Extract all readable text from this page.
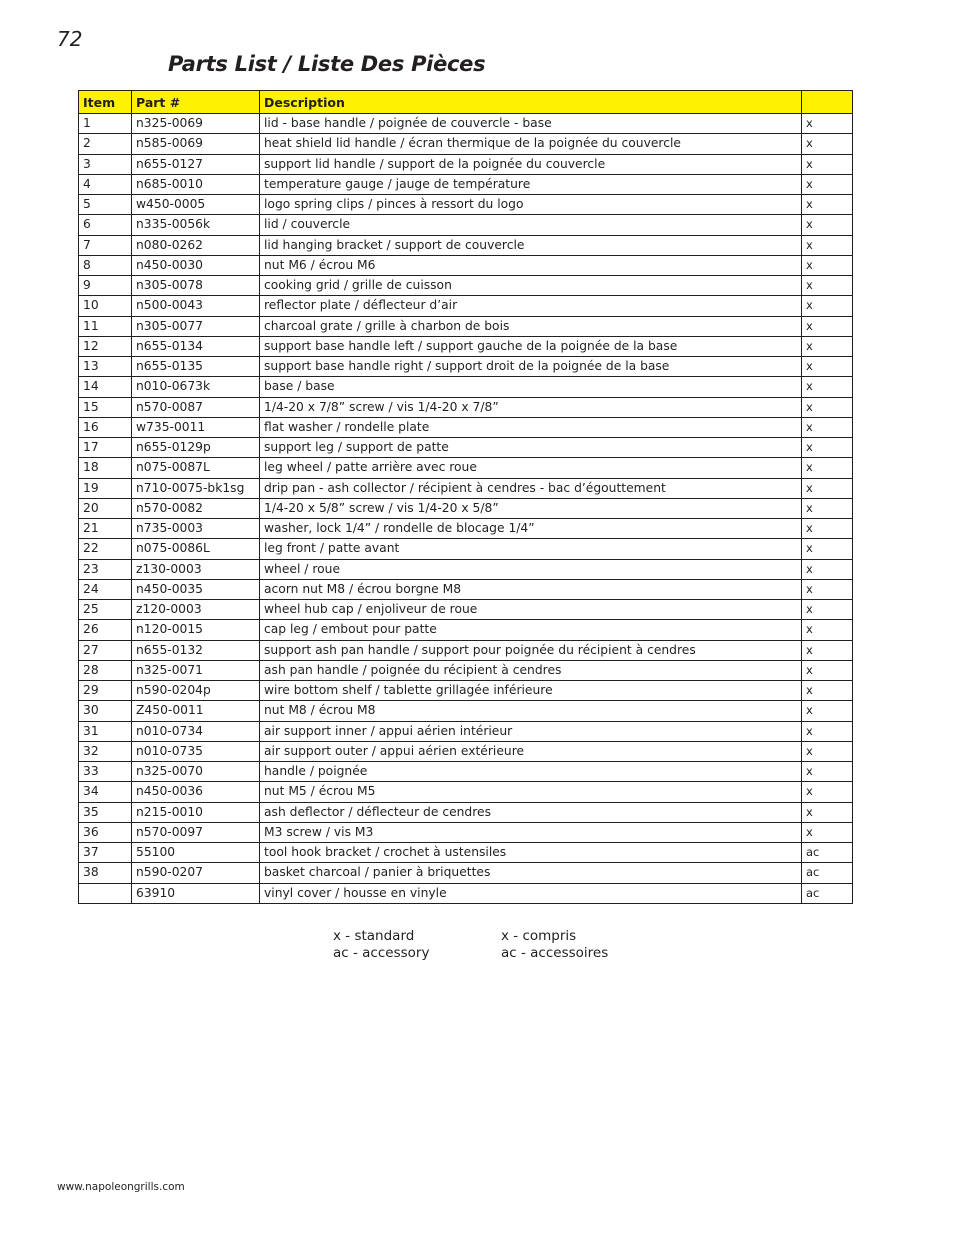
72
Parts List / Liste Des Pièces
Item	Part #	Description	
1	n325-0069	lid - base handle / poignée de couvercle - base	x
2	n585-0069	heat shield lid handle / écran thermique de la poignée du couvercle	x
3	n655-0127	support lid handle / support de la poignée du couvercle	x
4	n685-0010	temperature gauge / jauge de température	x
5	w450-0005	logo spring clips / pinces à ressort du logo	x
6	n335-0056k	lid / couvercle	x
7	n080-0262	lid hanging bracket / support de couvercle	x
8	n450-0030	nut M6 / écrou M6	x
9	n305-0078	cooking grid / grille de cuisson	x
10	n500-0043	reflector plate / déflecteur d’air	x
11	n305-0077	charcoal grate / grille à charbon de bois	x
12	n655-0134	support base handle left / support gauche de la poignée de la base	x
13	n655-0135	support base handle right / support droit de la poignée de la base	x
14	n010-0673k	base / base	x
15	n570-0087	1/4-20 x 7/8” screw / vis 1/4-20 x 7/8”	x
16	w735-0011	flat washer / rondelle plate	x
17	n655-0129p	support leg / support de patte	x
18	n075-0087L	leg wheel / patte arrière avec roue	x
19	n710-0075-bk1sg	drip pan - ash collector / récipient à cendres - bac d’égouttement	x
20	n570-0082	1/4-20 x 5/8” screw / vis 1/4-20 x 5/8”	x
21	n735-0003	washer, lock 1/4” / rondelle de blocage 1/4”	x
22	n075-0086L	leg front / patte avant	x
23	z130-0003	wheel / roue	x
24	n450-0035	acorn nut M8 / écrou borgne M8	x
25	z120-0003	wheel hub cap / enjoliveur de roue	x
26	n120-0015	cap leg / embout pour patte	x
27	n655-0132	support ash pan handle / support pour poignée du récipient à cendres	x
28	n325-0071	ash pan handle / poignée du récipient à cendres	x
29	n590-0204p	wire bottom shelf / tablette grillagée inférieure	x
30	Z450-0011	nut M8 / écrou M8	x
31	n010-0734	air support inner / appui aérien intérieur	x
32	n010-0735	air support outer / appui aérien extérieure	x
33	n325-0070	handle / poignée	x
34	n450-0036	nut M5 / écrou M5	x
35	n215-0010	ash deflector / déflecteur de cendres	x
36	n570-0097	M3 screw / vis M3	x
37	55100	tool hook bracket / crochet à ustensiles	ac
38	n590-0207	basket charcoal / panier à briquettes	ac
	63910	vinyl cover / housse en vinyle	ac
x - standard
ac - accessory
x - compris
ac - accessoires
www.napoleongrills.com
